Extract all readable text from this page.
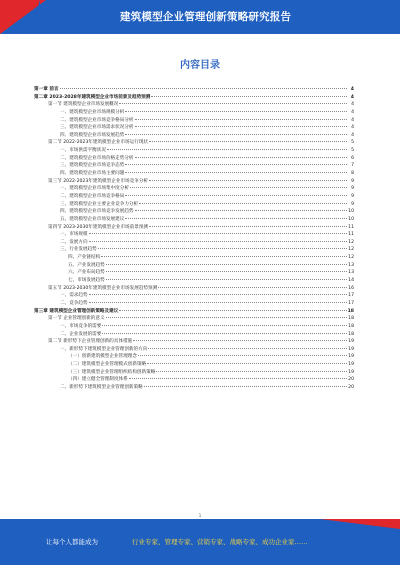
建筑模型企业管理创新策略研究报告
内容目录
第一章 前言	4
第二章 2023-2028年建筑模型企业市场前景及趋势预测	4
第一节 建筑模型企业市场发展概况	4
一、建筑模型企业市场规模分析	4
二、建筑模型企业市场竞争格局分析	4
三、建筑模型企业市场需求状况分析	4
四、建筑模型企业市场发展趋势	4
第二节 2022-2023年建筑模型企业市场运行现状	5
一、市场供需平衡状况	5
二、建筑模型企业市场价格走势分析	6
三、建筑模型企业市场竞争态势	7
四、建筑模型企业市场主要问题	8
第三节 2022-2023年建筑模型企业市场竞争分析	9
一、建筑模型企业市场集中度分析	9
二、建筑模型企业市场竞争格局	9
三、建筑模型企业主要企业竞争力分析	9
四、建筑模型企业市场竞争发展趋势	10
五、建筑模型企业市场发展建议	10
第四节 2023-2030年建筑模型企业市场前景预测	11
一、市场规模	11
二、发展方向	12
三、行业发展趋势	12
四、产业链结构	12
五、产业发展趋势	13
六、产业布局趋势	13
七、市场发展趋势	14
第五节 2023-2030年建筑模型企业市场发展趋势预测	16
一、需求趋势	17
二、竞争趋势	17
第三章 建筑模型企业管理创新策略及建议	18
第一节 企业管理创新的意义	18
一、市场竞争的需要	18
二、企业发展的需要	18
第二节 新形势下企业管理创新的具体措施	19
一、新形势下建筑模型企业管理创新的方向	19
（一）创新建筑模型企业管理理念	19
（二）建筑模型企业管理模式创新策略	19
（三）建筑模型企业管理组织结构创新策略	19
（四）建立健全管理制度体系	20
二、新形势下建筑模型企业管理创新策略	20
1
让每个人都能成为	行业专家、管理专家、营销专家、战略专家、成功企业家……
